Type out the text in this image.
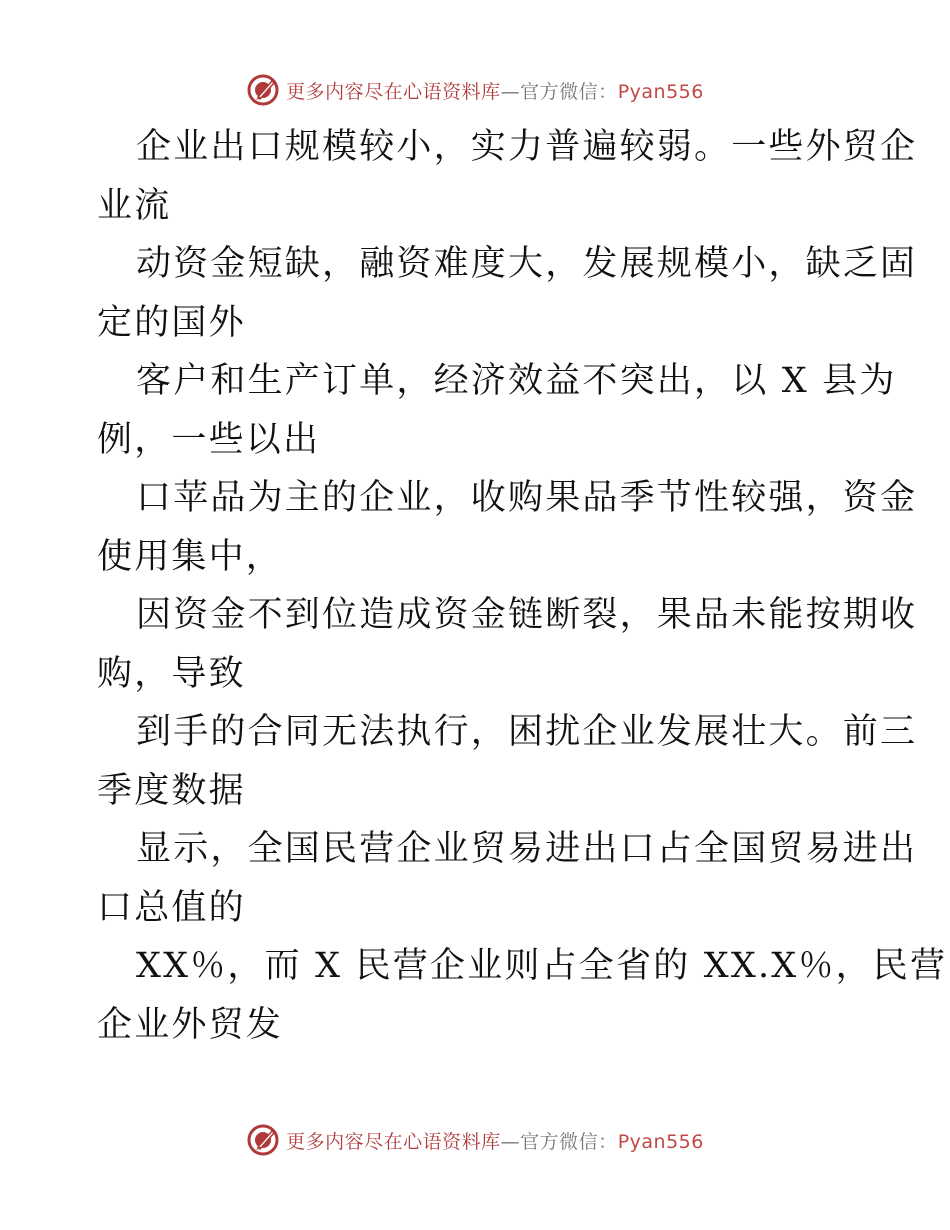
更多内容尽在心语资料库—官方微信：Pyan556
企业出口规模较小，实力普遍较弱。一些外贸企
业流
动资金短缺，融资难度大，发展规模小，缺乏固
定的国外
客户和生产订单，经济效益不突出，以 X 县为
例，一些以出
口苹品为主的企业，收购果品季节性较强，资金
使用集中，
因资金不到位造成资金链断裂，果品未能按期收
购，导致
到手的合同无法执行，困扰企业发展壮大。前三
季度数据
显示，全国民营企业贸易进出口占全国贸易进出
口总值的
XX％，而 X 民营企业则占全省的 XX.X％，民营
企业外贸发
更多内容尽在心语资料库—官方微信：Pyan556
